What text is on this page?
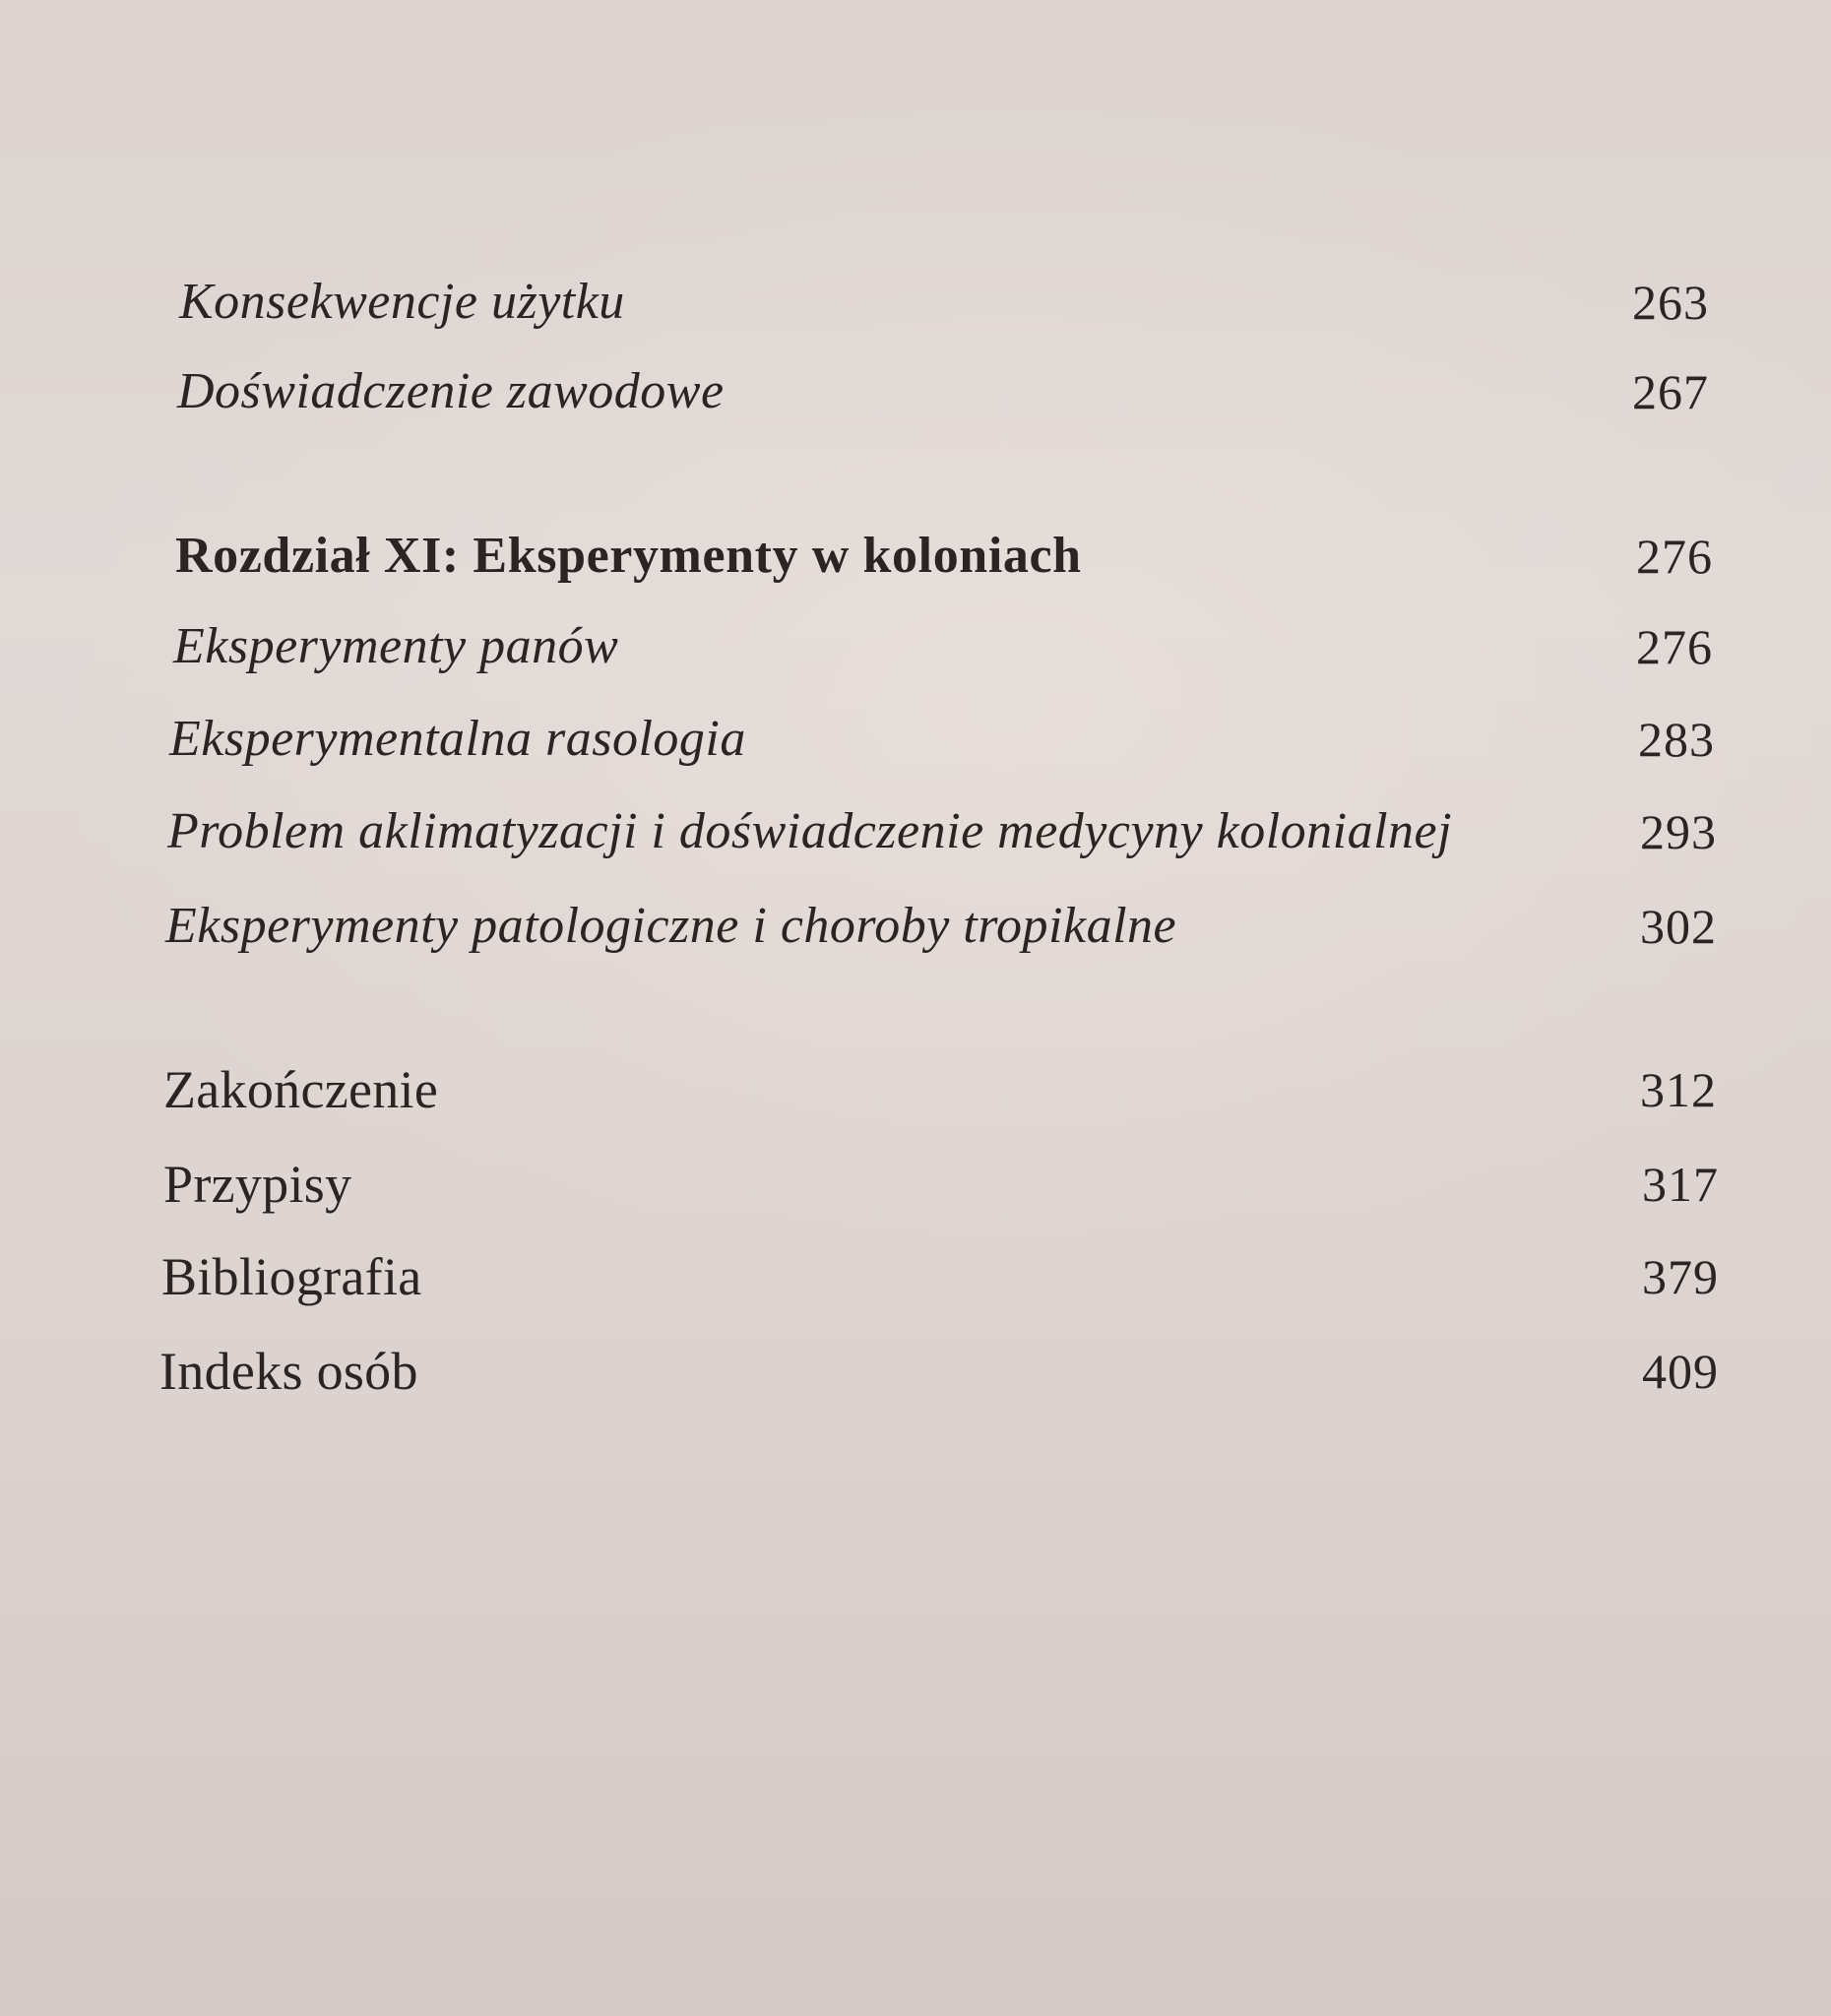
Konsekwencje użytku	263
Doświadczenie zawodowe	267
Rozdział XI: Eksperymenty w koloniach	276
Eksperymenty panów	276
Eksperymentalna rasologia	283
Problem aklimatyzacji i doświadczenie medycyny kolonialnej	293
Eksperymenty patologiczne i choroby tropikalne	302
Zakończenie	312
Przypisy	317
Bibliografia	379
Indeks osób	409
